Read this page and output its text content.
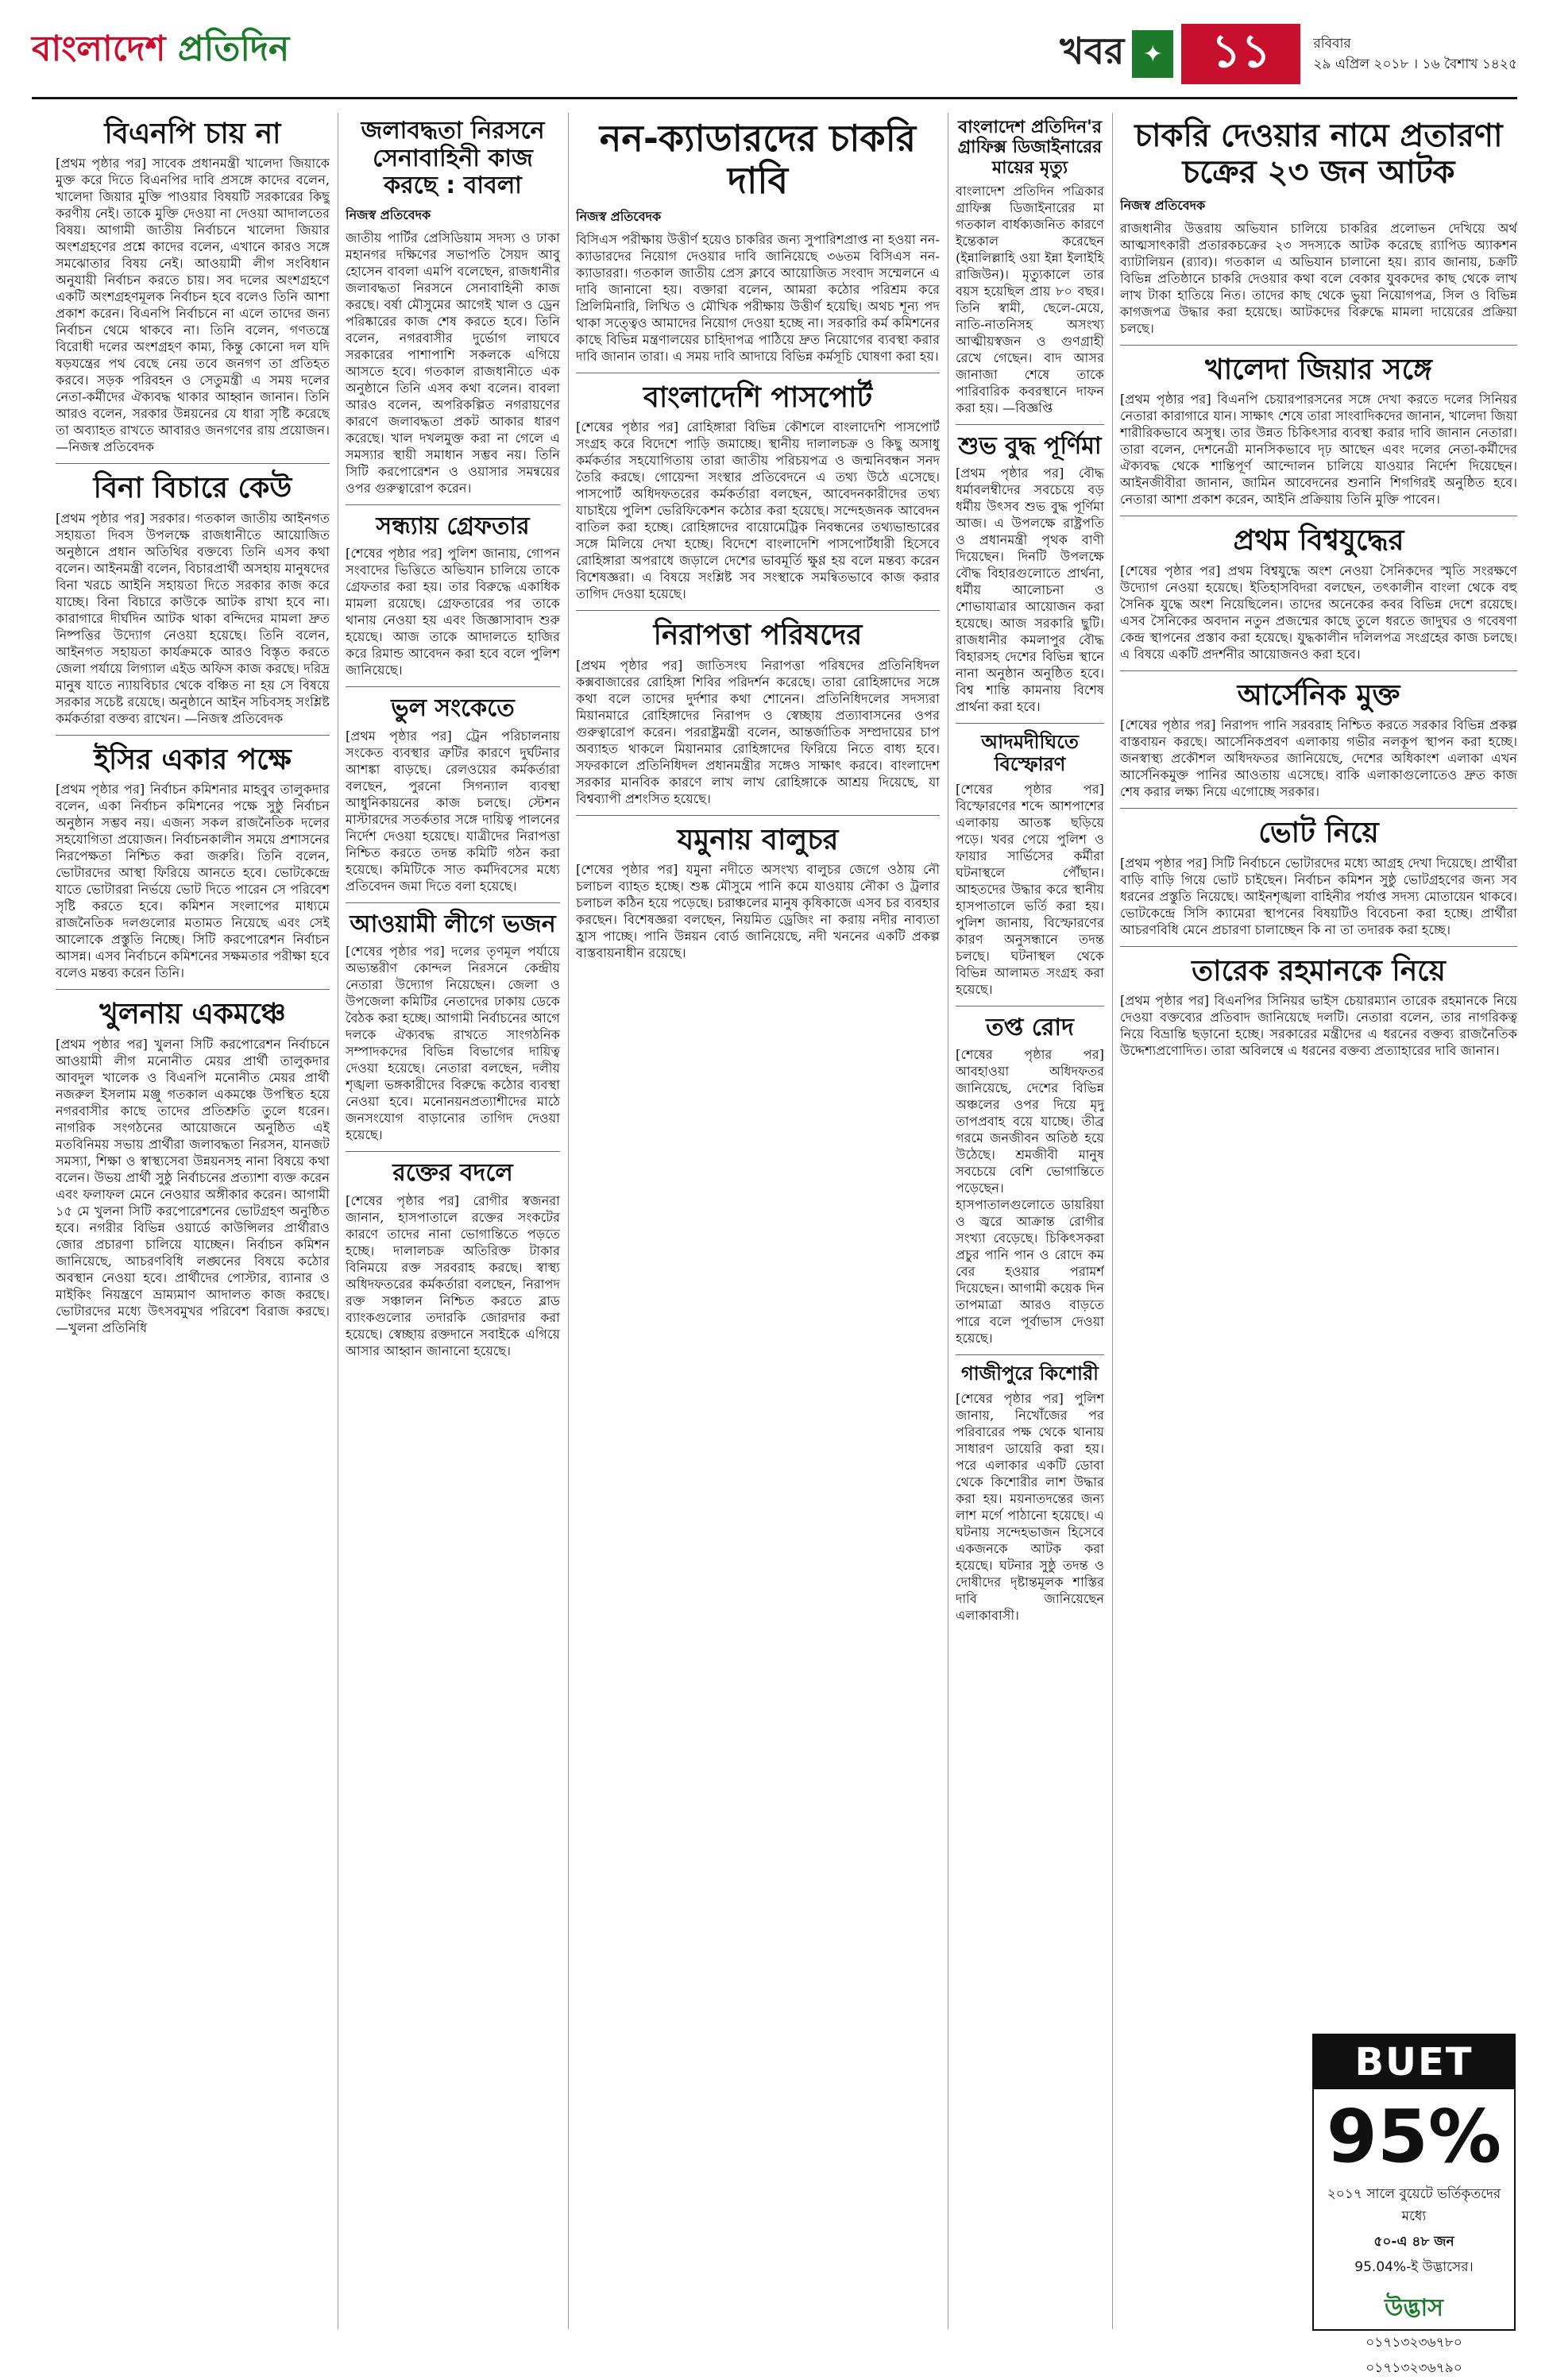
বাংলাদেশ প্রতিদিন	খবর ✦	১১	রবিবার
২৯ এপ্রিল ২০১৮ । ১৬ বৈশাখ ১৪২৫
বিএনপি চায় না

[প্রথম পৃষ্ঠার পর] সাবেক প্রধানমন্ত্রী খালেদা জিয়াকে মুক্ত করে দিতে বিএনপির দাবি প্রসঙ্গে কাদের বলেন, খালেদা জিয়ার মুক্তি পাওয়ার বিষয়টি সরকারের কিছু করণীয় নেই। তাকে মুক্তি দেওয়া না দেওয়া আদালতের বিষয়। আগামী জাতীয় নির্বাচনে খালেদা জিয়ার অংশগ্রহণের প্রশ্নে কাদের বলেন, এখানে কারও সঙ্গে সমঝোতার বিষয় নেই। আওয়ামী লীগ সংবিধান অনুযায়ী নির্বাচন করতে চায়। সব দলের অংশগ্রহণে একটি অংশগ্রহণমূলক নির্বাচন হবে বলেও তিনি আশা প্রকাশ করেন। বিএনপি নির্বাচনে না এলে তাদের জন্য নির্বাচন থেমে থাকবে না। তিনি বলেন, গণতন্ত্রে বিরোধী দলের অংশগ্রহণ কাম্য, কিন্তু কোনো দল যদি ষড়যন্ত্রের পথ বেছে নেয় তবে জনগণ তা প্রতিহত করবে। সড়ক পরিবহন ও সেতুমন্ত্রী এ সময় দলের নেতা-কর্মীদের ঐক্যবদ্ধ থাকার আহ্বান জানান। তিনি আরও বলেন, সরকার উন্নয়নের যে ধারা সৃষ্টি করেছে তা অব্যাহত রাখতে আবারও জনগণের রায় প্রয়োজন। —নিজস্ব প্রতিবেদক

বিনা বিচারে কেউ

[প্রথম পৃষ্ঠার পর] সরকার। গতকাল জাতীয় আইনগত সহায়তা দিবস উপলক্ষে রাজধানীতে আয়োজিত অনুষ্ঠানে প্রধান অতিথির বক্তব্যে তিনি এসব কথা বলেন। আইনমন্ত্রী বলেন, বিচারপ্রার্থী অসহায় মানুষদের বিনা খরচে আইনি সহায়তা দিতে সরকার কাজ করে যাচ্ছে। বিনা বিচারে কাউকে আটক রাখা হবে না। কারাগারে দীর্ঘদিন আটক থাকা বন্দিদের মামলা দ্রুত নিষ্পত্তির উদ্যোগ নেওয়া হয়েছে। তিনি বলেন, আইনগত সহায়তা কার্যক্রমকে আরও বিস্তৃত করতে জেলা পর্যায়ে লিগ্যাল এইড অফিস কাজ করছে। দরিদ্র মানুষ যাতে ন্যায়বিচার থেকে বঞ্চিত না হয় সে বিষয়ে সরকার সচেষ্ট রয়েছে। অনুষ্ঠানে আইন সচিবসহ সংশ্লিষ্ট কর্মকর্তারা বক্তব্য রাখেন। —নিজস্ব প্রতিবেদক

ইসির একার পক্ষে

[প্রথম পৃষ্ঠার পর] নির্বাচন কমিশনার মাহবুব তালুকদার বলেন, একা নির্বাচন কমিশনের পক্ষে সুষ্ঠু নির্বাচন অনুষ্ঠান সম্ভব নয়। এজন্য সকল রাজনৈতিক দলের সহযোগিতা প্রয়োজন। নির্বাচনকালীন সময়ে প্রশাসনের নিরপেক্ষতা নিশ্চিত করা জরুরি। তিনি বলেন, ভোটারদের আস্থা ফিরিয়ে আনতে হবে। ভোটকেন্দ্রে যাতে ভোটাররা নির্ভয়ে ভোট দিতে পারেন সে পরিবেশ সৃষ্টি করতে হবে। কমিশন সংলাপের মাধ্যমে রাজনৈতিক দলগুলোর মতামত নিয়েছে এবং সেই আলোকে প্রস্তুতি নিচ্ছে। সিটি করপোরেশন নির্বাচন আসন্ন। এসব নির্বাচনে কমিশনের সক্ষমতার পরীক্ষা হবে বলেও মন্তব্য করেন তিনি।

খুলনায় একমঞ্চে

[প্রথম পৃষ্ঠার পর] খুলনা সিটি করপোরেশন নির্বাচনে আওয়ামী লীগ মনোনীত মেয়র প্রার্থী তালুকদার আবদুল খালেক ও বিএনপি মনোনীত মেয়র প্রার্থী নজরুল ইসলাম মঞ্জু গতকাল একমঞ্চে উপস্থিত হয়ে নগরবাসীর কাছে তাদের প্রতিশ্রুতি তুলে ধরেন। নাগরিক সংগঠনের আয়োজনে অনুষ্ঠিত এই মতবিনিময় সভায় প্রার্থীরা জলাবদ্ধতা নিরসন, যানজট সমস্যা, শিক্ষা ও স্বাস্থ্যসেবা উন্নয়নসহ নানা বিষয়ে কথা বলেন। উভয় প্রার্থী সুষ্ঠু নির্বাচনের প্রত্যাশা ব্যক্ত করেন এবং ফলাফল মেনে নেওয়ার অঙ্গীকার করেন। আগামী ১৫ মে খুলনা সিটি করপোরেশনের ভোটগ্রহণ অনুষ্ঠিত হবে। নগরীর বিভিন্ন ওয়ার্ডে কাউন্সিলর প্রার্থীরাও জোর প্রচারণা চালিয়ে যাচ্ছেন। নির্বাচন কমিশন জানিয়েছে, আচরণবিধি লঙ্ঘনের বিষয়ে কঠোর অবস্থান নেওয়া হবে। প্রার্থীদের পোস্টার, ব্যানার ও মাইকিং নিয়ন্ত্রণে ভ্রাম্যমাণ আদালত কাজ করছে। ভোটারদের মধ্যে উৎসবমুখর পরিবেশ বিরাজ করছে। —খুলনা প্রতিনিধি

জলাবদ্ধতা নিরসনে সেনাবাহিনী কাজ করছে : বাবলা
নিজস্ব প্রতিবেদক

জাতীয় পার্টির প্রেসিডিয়াম সদস্য ও ঢাকা মহানগর দক্ষিণের সভাপতি সৈয়দ আবু হোসেন বাবলা এমপি বলেছেন, রাজধানীর জলাবদ্ধতা নিরসনে সেনাবাহিনী কাজ করছে। বর্ষা মৌসুমের আগেই খাল ও ড্রেন পরিষ্কারের কাজ শেষ করতে হবে। তিনি বলেন, নগরবাসীর দুর্ভোগ লাঘবে সরকারের পাশাপাশি সকলকে এগিয়ে আসতে হবে। গতকাল রাজধানীতে এক অনুষ্ঠানে তিনি এসব কথা বলেন। বাবলা আরও বলেন, অপরিকল্পিত নগরায়ণের কারণে জলাবদ্ধতা প্রকট আকার ধারণ করেছে। খাল দখলমুক্ত করা না গেলে এ সমস্যার স্থায়ী সমাধান সম্ভব নয়। তিনি সিটি করপোরেশন ও ওয়াসার সমন্বয়ের ওপর গুরুত্বারোপ করেন।

সন্ধ্যায় গ্রেফতার

[শেষের পৃষ্ঠার পর] পুলিশ জানায়, গোপন সংবাদের ভিত্তিতে অভিযান চালিয়ে তাকে গ্রেফতার করা হয়। তার বিরুদ্ধে একাধিক মামলা রয়েছে। গ্রেফতারের পর তাকে থানায় নেওয়া হয় এবং জিজ্ঞাসাবাদ শুরু হয়েছে। আজ তাকে আদালতে হাজির করে রিমান্ড আবেদন করা হবে বলে পুলিশ জানিয়েছে।

ভুল সংকেতে

[প্রথম পৃষ্ঠার পর] ট্রেন পরিচালনায় সংকেত ব্যবস্থার ত্রুটির কারণে দুর্ঘটনার আশঙ্কা বাড়ছে। রেলওয়ের কর্মকর্তারা বলছেন, পুরনো সিগন্যাল ব্যবস্থা আধুনিকায়নের কাজ চলছে। স্টেশন মাস্টারদের সতর্কতার সঙ্গে দায়িত্ব পালনের নির্দেশ দেওয়া হয়েছে। যাত্রীদের নিরাপত্তা নিশ্চিত করতে তদন্ত কমিটি গঠন করা হয়েছে। কমিটিকে সাত কর্মদিবসের মধ্যে প্রতিবেদন জমা দিতে বলা হয়েছে।

আওয়ামী লীগে ভজন

[শেষের পৃষ্ঠার পর] দলের তৃণমূল পর্যায়ে অভ্যন্তরীণ কোন্দল নিরসনে কেন্দ্রীয় নেতারা উদ্যোগ নিয়েছেন। জেলা ও উপজেলা কমিটির নেতাদের ঢাকায় ডেকে বৈঠক করা হচ্ছে। আগামী নির্বাচনের আগে দলকে ঐক্যবদ্ধ রাখতে সাংগঠনিক সম্পাদকদের বিভিন্ন বিভাগের দায়িত্ব দেওয়া হয়েছে। নেতারা বলছেন, দলীয় শৃঙ্খলা ভঙ্গকারীদের বিরুদ্ধে কঠোর ব্যবস্থা নেওয়া হবে। মনোনয়নপ্রত্যাশীদের মাঠে জনসংযোগ বাড়ানোর তাগিদ দেওয়া হয়েছে।

রক্তের বদলে

[শেষের পৃষ্ঠার পর] রোগীর স্বজনরা জানান, হাসপাতালে রক্তের সংকটের কারণে তাদের নানা ভোগান্তিতে পড়তে হচ্ছে। দালালচক্র অতিরিক্ত টাকার বিনিময়ে রক্ত সরবরাহ করছে। স্বাস্থ্য অধিদফতরের কর্মকর্তারা বলছেন, নিরাপদ রক্ত সঞ্চালন নিশ্চিত করতে ব্লাড ব্যাংকগুলোর তদারকি জোরদার করা হয়েছে। স্বেচ্ছায় রক্তদানে সবাইকে এগিয়ে আসার আহ্বান জানানো হয়েছে।

নন-ক্যাডারদের চাকরি দাবি
নিজস্ব প্রতিবেদক

বিসিএস পরীক্ষায় উত্তীর্ণ হয়েও চাকরির জন্য সুপারিশপ্রাপ্ত না হওয়া নন-ক্যাডারদের নিয়োগ দেওয়ার দাবি জানিয়েছে ৩৬তম বিসিএস নন-ক্যাডাররা। গতকাল জাতীয় প্রেস ক্লাবে আয়োজিত সংবাদ সম্মেলনে এ দাবি জানানো হয়। বক্তারা বলেন, আমরা কঠোর পরিশ্রম করে প্রিলিমিনারি, লিখিত ও মৌখিক পরীক্ষায় উত্তীর্ণ হয়েছি। অথচ শূন্য পদ থাকা সত্ত্বেও আমাদের নিয়োগ দেওয়া হচ্ছে না। সরকারি কর্ম কমিশনের কাছে বিভিন্ন মন্ত্রণালয়ের চাহিদাপত্র পাঠিয়ে দ্রুত নিয়োগের ব্যবস্থা করার দাবি জানান তারা। এ সময় দাবি আদায়ে বিভিন্ন কর্মসূচি ঘোষণা করা হয়।

বাংলাদেশি পাসপোর্ট

[শেষের পৃষ্ঠার পর] রোহিঙ্গারা বিভিন্ন কৌশলে বাংলাদেশি পাসপোর্ট সংগ্রহ করে বিদেশে পাড়ি জমাচ্ছে। স্থানীয় দালালচক্র ও কিছু অসাধু কর্মকর্তার সহযোগিতায় তারা জাতীয় পরিচয়পত্র ও জন্মনিবন্ধন সনদ তৈরি করছে। গোয়েন্দা সংস্থার প্রতিবেদনে এ তথ্য উঠে এসেছে। পাসপোর্ট অধিদফতরের কর্মকর্তারা বলছেন, আবেদনকারীদের তথ্য যাচাইয়ে পুলিশ ভেরিফিকেশন কঠোর করা হয়েছে। সন্দেহজনক আবেদন বাতিল করা হচ্ছে। রোহিঙ্গাদের বায়োমেট্রিক নিবন্ধনের তথ্যভান্ডারের সঙ্গে মিলিয়ে দেখা হচ্ছে। বিদেশে বাংলাদেশি পাসপোর্টধারী হিসেবে রোহিঙ্গারা অপরাধে জড়ালে দেশের ভাবমূর্তি ক্ষুণ্ণ হয় বলে মন্তব্য করেন বিশেষজ্ঞরা। এ বিষয়ে সংশ্লিষ্ট সব সংস্থাকে সমন্বিতভাবে কাজ করার তাগিদ দেওয়া হয়েছে।

নিরাপত্তা পরিষদের

[প্রথম পৃষ্ঠার পর] জাতিসংঘ নিরাপত্তা পরিষদের প্রতিনিধিদল কক্সবাজারের রোহিঙ্গা শিবির পরিদর্শন করেছে। তারা রোহিঙ্গাদের সঙ্গে কথা বলে তাদের দুর্দশার কথা শোনেন। প্রতিনিধিদলের সদস্যরা মিয়ানমারে রোহিঙ্গাদের নিরাপদ ও স্বেচ্ছায় প্রত্যাবাসনের ওপর গুরুত্বারোপ করেন। পররাষ্ট্রমন্ত্রী বলেন, আন্তর্জাতিক সম্প্রদায়ের চাপ অব্যাহত থাকলে মিয়ানমার রোহিঙ্গাদের ফিরিয়ে নিতে বাধ্য হবে। সফরকালে প্রতিনিধিদল প্রধানমন্ত্রীর সঙ্গেও সাক্ষাৎ করবে। বাংলাদেশ সরকার মানবিক কারণে লাখ লাখ রোহিঙ্গাকে আশ্রয় দিয়েছে, যা বিশ্বব্যাপী প্রশংসিত হয়েছে।

যমুনায় বালুচর

[শেষের পৃষ্ঠার পর] যমুনা নদীতে অসংখ্য বালুচর জেগে ওঠায় নৌ চলাচল ব্যাহত হচ্ছে। শুষ্ক মৌসুমে পানি কমে যাওয়ায় নৌকা ও ট্রলার চলাচল কঠিন হয়ে পড়েছে। চরাঞ্চলের মানুষ কৃষিকাজে এসব চর ব্যবহার করছেন। বিশেষজ্ঞরা বলছেন, নিয়মিত ড্রেজিং না করায় নদীর নাব্যতা হ্রাস পাচ্ছে। পানি উন্নয়ন বোর্ড জানিয়েছে, নদী খননের একটি প্রকল্প বাস্তবায়নাধীন রয়েছে।

বাংলাদেশ প্রতিদিন'র গ্রাফিক্স ডিজাইনারের মায়ের মৃত্যু

বাংলাদেশ প্রতিদিন পত্রিকার গ্রাফিক্স ডিজাইনারের মা গতকাল বার্ধক্যজনিত কারণে ইন্তেকাল করেছেন (ইন্নালিল্লাহি ওয়া ইন্না ইলাইহি রাজিউন)। মৃত্যুকালে তার বয়স হয়েছিল প্রায় ৮০ বছর। তিনি স্বামী, ছেলে-মেয়ে, নাতি-নাতনিসহ অসংখ্য আত্মীয়স্বজন ও গুণগ্রাহী রেখে গেছেন। বাদ আসর জানাজা শেষে তাকে পারিবারিক কবরস্থানে দাফন করা হয়। —বিজ্ঞপ্তি

শুভ বুদ্ধ পূর্ণিমা

[প্রথম পৃষ্ঠার পর] বৌদ্ধ ধর্মাবলম্বীদের সবচেয়ে বড় ধর্মীয় উৎসব শুভ বুদ্ধ পূর্ণিমা আজ। এ উপলক্ষে রাষ্ট্রপতি ও প্রধানমন্ত্রী পৃথক বাণী দিয়েছেন। দিনটি উপলক্ষে বৌদ্ধ বিহারগুলোতে প্রার্থনা, ধর্মীয় আলোচনা ও শোভাযাত্রার আয়োজন করা হয়েছে। আজ সরকারি ছুটি। রাজধানীর কমলাপুর বৌদ্ধ বিহারসহ দেশের বিভিন্ন স্থানে নানা অনুষ্ঠান অনুষ্ঠিত হবে। বিশ্ব শান্তি কামনায় বিশেষ প্রার্থনা করা হবে।

আদমদীঘিতে বিস্ফোরণ

[শেষের পৃষ্ঠার পর] বিস্ফোরণের শব্দে আশপাশের এলাকায় আতঙ্ক ছড়িয়ে পড়ে। খবর পেয়ে পুলিশ ও ফায়ার সার্ভিসের কর্মীরা ঘটনাস্থলে পৌঁছান। আহতদের উদ্ধার করে স্থানীয় হাসপাতালে ভর্তি করা হয়। পুলিশ জানায়, বিস্ফোরণের কারণ অনুসন্ধানে তদন্ত চলছে। ঘটনাস্থল থেকে বিভিন্ন আলামত সংগ্রহ করা হয়েছে।

তপ্ত রোদ

[শেষের পৃষ্ঠার পর] আবহাওয়া অধিদফতর জানিয়েছে, দেশের বিভিন্ন অঞ্চলের ওপর দিয়ে মৃদু তাপপ্রবাহ বয়ে যাচ্ছে। তীব্র গরমে জনজীবন অতিষ্ঠ হয়ে উঠেছে। শ্রমজীবী মানুষ সবচেয়ে বেশি ভোগান্তিতে পড়েছেন। হাসপাতালগুলোতে ডায়রিয়া ও জ্বরে আক্রান্ত রোগীর সংখ্যা বেড়েছে। চিকিৎসকরা প্রচুর পানি পান ও রোদে কম বের হওয়ার পরামর্শ দিয়েছেন। আগামী কয়েক দিন তাপমাত্রা আরও বাড়তে পারে বলে পূর্বাভাস দেওয়া হয়েছে।

গাজীপুরে কিশোরী

[শেষের পৃষ্ঠার পর] পুলিশ জানায়, নিখোঁজের পর পরিবারের পক্ষ থেকে থানায় সাধারণ ডায়েরি করা হয়। পরে এলাকার একটি ডোবা থেকে কিশোরীর লাশ উদ্ধার করা হয়। ময়নাতদন্তের জন্য লাশ মর্গে পাঠানো হয়েছে। এ ঘটনায় সন্দেহভাজন হিসেবে একজনকে আটক করা হয়েছে। ঘটনার সুষ্ঠু তদন্ত ও দোষীদের দৃষ্টান্তমূলক শাস্তির দাবি জানিয়েছেন এলাকাবাসী।

চাকরি দেওয়ার নামে প্রতারণা চক্রের ২৩ জন আটক
নিজস্ব প্রতিবেদক

রাজধানীর উত্তরায় অভিযান চালিয়ে চাকরির প্রলোভন দেখিয়ে অর্থ আত্মসাৎকারী প্রতারকচক্রের ২৩ সদস্যকে আটক করেছে র‍্যাপিড অ্যাকশন ব্যাটালিয়ন (র‍্যাব)। গতকাল এ অভিযান চালানো হয়। র‍্যাব জানায়, চক্রটি বিভিন্ন প্রতিষ্ঠানে চাকরি দেওয়ার কথা বলে বেকার যুবকদের কাছ থেকে লাখ লাখ টাকা হাতিয়ে নিত। তাদের কাছ থেকে ভুয়া নিয়োগপত্র, সিল ও বিভিন্ন কাগজপত্র উদ্ধার করা হয়েছে। আটকদের বিরুদ্ধে মামলা দায়েরের প্রক্রিয়া চলছে।

খালেদা জিয়ার সঙ্গে

[প্রথম পৃষ্ঠার পর] বিএনপি চেয়ারপারসনের সঙ্গে দেখা করতে দলের সিনিয়র নেতারা কারাগারে যান। সাক্ষাৎ শেষে তারা সাংবাদিকদের জানান, খালেদা জিয়া শারীরিকভাবে অসুস্থ। তার উন্নত চিকিৎসার ব্যবস্থা করার দাবি জানান নেতারা। তারা বলেন, দেশনেত্রী মানসিকভাবে দৃঢ় আছেন এবং দলের নেতা-কর্মীদের ঐক্যবদ্ধ থেকে শান্তিপূর্ণ আন্দোলন চালিয়ে যাওয়ার নির্দেশ দিয়েছেন। আইনজীবীরা জানান, জামিন আবেদনের শুনানি শিগগিরই অনুষ্ঠিত হবে। নেতারা আশা প্রকাশ করেন, আইনি প্রক্রিয়ায় তিনি মুক্তি পাবেন।

প্রথম বিশ্বযুদ্ধের

[শেষের পৃষ্ঠার পর] প্রথম বিশ্বযুদ্ধে অংশ নেওয়া সৈনিকদের স্মৃতি সংরক্ষণে উদ্যোগ নেওয়া হয়েছে। ইতিহাসবিদরা বলছেন, তৎকালীন বাংলা থেকে বহু সৈনিক যুদ্ধে অংশ নিয়েছিলেন। তাদের অনেকের কবর বিভিন্ন দেশে রয়েছে। এসব সৈনিকের অবদান নতুন প্রজন্মের কাছে তুলে ধরতে জাদুঘর ও গবেষণা কেন্দ্র স্থাপনের প্রস্তাব করা হয়েছে। যুদ্ধকালীন দলিলপত্র সংগ্রহের কাজ চলছে। এ বিষয়ে একটি প্রদর্শনীর আয়োজনও করা হবে।

আর্সেনিক মুক্ত

[শেষের পৃষ্ঠার পর] নিরাপদ পানি সরবরাহ নিশ্চিত করতে সরকার বিভিন্ন প্রকল্প বাস্তবায়ন করছে। আর্সেনিকপ্রবণ এলাকায় গভীর নলকূপ স্থাপন করা হচ্ছে। জনস্বাস্থ্য প্রকৌশল অধিদফতর জানিয়েছে, দেশের অধিকাংশ এলাকা এখন আর্সেনিকমুক্ত পানির আওতায় এসেছে। বাকি এলাকাগুলোতেও দ্রুত কাজ শেষ করার লক্ষ্য নিয়ে এগোচ্ছে সরকার।

ভোট নিয়ে

[প্রথম পৃষ্ঠার পর] সিটি নির্বাচনে ভোটারদের মধ্যে আগ্রহ দেখা দিয়েছে। প্রার্থীরা বাড়ি বাড়ি গিয়ে ভোট চাইছেন। নির্বাচন কমিশন সুষ্ঠু ভোটগ্রহণের জন্য সব ধরনের প্রস্তুতি নিয়েছে। আইনশৃঙ্খলা বাহিনীর পর্যাপ্ত সদস্য মোতায়েন থাকবে। ভোটকেন্দ্রে সিসি ক্যামেরা স্থাপনের বিষয়টিও বিবেচনা করা হচ্ছে। প্রার্থীরা আচরণবিধি মেনে প্রচারণা চালাচ্ছেন কি না তা তদারক করা হচ্ছে।

তারেক রহমানকে নিয়ে

[প্রথম পৃষ্ঠার পর] বিএনপির সিনিয়র ভাইস চেয়ারম্যান তারেক রহমানকে নিয়ে দেওয়া বক্তব্যের প্রতিবাদ জানিয়েছে দলটি। নেতারা বলেন, তার নাগরিকত্ব নিয়ে বিভ্রান্তি ছড়ানো হচ্ছে। সরকারের মন্ত্রীদের এ ধরনের বক্তব্য রাজনৈতিক উদ্দেশ্যপ্রণোদিত। তারা অবিলম্বে এ ধরনের বক্তব্য প্রত্যাহারের দাবি জানান।

BUET
95%
২০১৭ সালে বুয়েটে ভর্তিকৃতদের মধ্যে
৫০-এ ৪৮ জন
95.04%-ই উদ্ভাসের।
উদ্ভাস
০১৭১৩২৩৬৭৮০
০১৭১৩২৩৬৭৯০
